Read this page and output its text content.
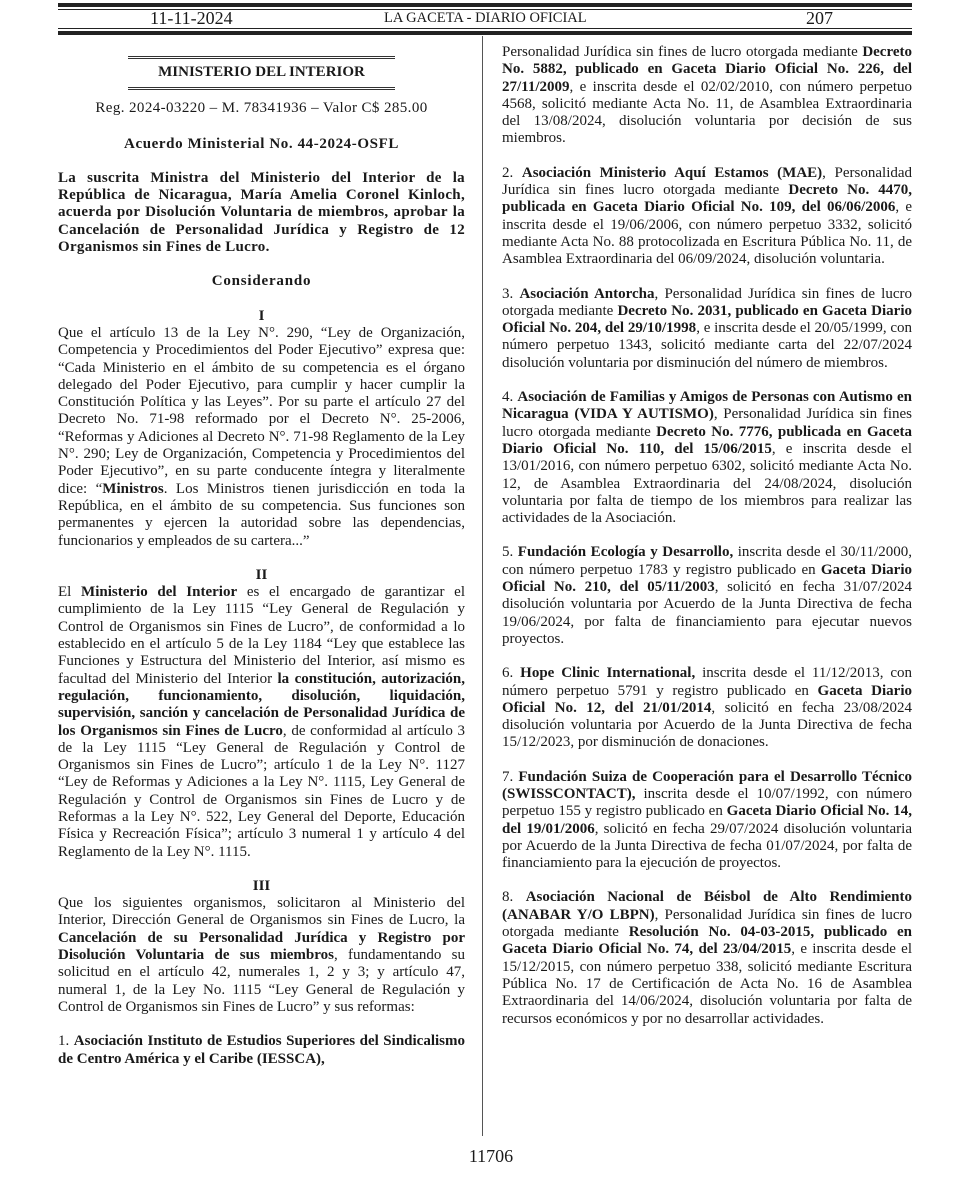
11-11-2024	LA GACETA - DIARIO OFICIAL	207
MINISTERIO DEL INTERIOR
Reg. 2024-03220 – M. 78341936 – Valor C$ 285.00
Acuerdo Ministerial No. 44-2024-OSFL

La suscrita Ministra del Ministerio del Interior de la República de Nicaragua, María Amelia Coronel Kinloch, acuerda por Disolución Voluntaria de miembros, aprobar la Cancelación de Personalidad Jurídica y Registro de 12 Organismos sin Fines de Lucro.

Considerando
I

Que el artículo 13 de la Ley N°. 290, “Ley de Organización, Competencia y Procedimientos del Poder Ejecutivo” expresa que: “Cada Ministerio en el ámbito de su competencia es el órgano delegado del Poder Ejecutivo, para cumplir y hacer cumplir la Constitución Política y las Leyes”. Por su parte el artículo 27 del Decreto No. 71-98 reformado por el Decreto N°. 25-2006, “Reformas y Adiciones al Decreto N°. 71-98 Reglamento de la Ley N°. 290; Ley de Organización, Competencia y Procedimientos del Poder Ejecutivo”, en su parte conducente íntegra y literalmente dice: “Ministros. Los Ministros tienen jurisdicción en toda la República, en el ámbito de su competencia. Sus funciones son permanentes y ejercen la autoridad sobre las dependencias, funcionarios y empleados de su cartera...”

II

El Ministerio del Interior es el encargado de garantizar el cumplimiento de la Ley 1115 “Ley General de Regulación y Control de Organismos sin Fines de Lucro”, de conformidad a lo establecido en el artículo 5 de la Ley 1184 “Ley que establece las Funciones y Estructura del Ministerio del Interior, así mismo es facultad del Ministerio del Interior la constitución, autorización, regulación, funcionamiento, disolución, liquidación, supervisión, sanción y cancelación de Personalidad Jurídica de los Organismos sin Fines de Lucro, de conformidad al artículo 3 de la Ley 1115 “Ley General de Regulación y Control de Organismos sin Fines de Lucro”; artículo 1 de la Ley N°. 1127 “Ley de Reformas y Adiciones a la Ley N°. 1115, Ley General de Regulación y Control de Organismos sin Fines de Lucro y de Reformas a la Ley N°. 522, Ley General del Deporte, Educación Física y Recreación Física”; artículo 3 numeral 1 y artículo 4 del Reglamento de la Ley N°. 1115.

III

Que los siguientes organismos, solicitaron al Ministerio del Interior, Dirección General de Organismos sin Fines de Lucro, la Cancelación de su Personalidad Jurídica y Registro por Disolución Voluntaria de sus miembros, fundamentando su solicitud en el artículo 42, numerales 1, 2 y 3; y artículo 47, numeral 1, de la Ley No. 1115 “Ley General de Regulación y Control de Organismos sin Fines de Lucro” y sus reformas:

1. Asociación Instituto de Estudios Superiores del Sindicalismo de Centro América y el Caribe (IESSCA),

Personalidad Jurídica sin fines de lucro otorgada mediante Decreto No. 5882, publicado en Gaceta Diario Oficial No. 226, del 27/11/2009, e inscrita desde el 02/02/2010, con número perpetuo 4568, solicitó mediante Acta No. 11, de Asamblea Extraordinaria del 13/08/2024, disolución voluntaria por decisión de sus miembros.

2. Asociación Ministerio Aquí Estamos (MAE), Personalidad Jurídica sin fines lucro otorgada mediante Decreto No. 4470, publicada en Gaceta Diario Oficial No. 109, del 06/06/2006, e inscrita desde el 19/06/2006, con número perpetuo 3332, solicitó mediante Acta No. 88 protocolizada en Escritura Pública No. 11, de Asamblea Extraordinaria del 06/09/2024, disolución voluntaria.

3. Asociación Antorcha, Personalidad Jurídica sin fines de lucro otorgada mediante Decreto No. 2031, publicado en Gaceta Diario Oficial No. 204, del 29/10/1998, e inscrita desde el 20/05/1999, con número perpetuo 1343, solicitó mediante carta del 22/07/2024 disolución voluntaria por disminución del número de miembros.

4. Asociación de Familias y Amigos de Personas con Autismo en Nicaragua (VIDA Y AUTISMO), Personalidad Jurídica sin fines lucro otorgada mediante Decreto No. 7776, publicada en Gaceta Diario Oficial No. 110, del 15/06/2015, e inscrita desde el 13/01/2016, con número perpetuo 6302, solicitó mediante Acta No. 12, de Asamblea Extraordinaria del 24/08/2024, disolución voluntaria por falta de tiempo de los miembros para realizar las actividades de la Asociación.

5. Fundación Ecología y Desarrollo, inscrita desde el 30/11/2000, con número perpetuo 1783 y registro publicado en Gaceta Diario Oficial No. 210, del 05/11/2003, solicitó en fecha 31/07/2024 disolución voluntaria por Acuerdo de la Junta Directiva de fecha 19/06/2024, por falta de financiamiento para ejecutar nuevos proyectos.

6. Hope Clinic International, inscrita desde el 11/12/2013, con número perpetuo 5791 y registro publicado en Gaceta Diario Oficial No. 12, del 21/01/2014, solicitó en fecha 23/08/2024 disolución voluntaria por Acuerdo de la Junta Directiva de fecha 15/12/2023, por disminución de donaciones.

7. Fundación Suiza de Cooperación para el Desarrollo Técnico (SWISSCONTACT), inscrita desde el 10/07/1992, con número perpetuo 155 y registro publicado en Gaceta Diario Oficial No. 14, del 19/01/2006, solicitó en fecha 29/07/2024 disolución voluntaria por Acuerdo de la Junta Directiva de fecha 01/07/2024, por falta de financiamiento para la ejecución de proyectos.

8. Asociación Nacional de Béisbol de Alto Rendimiento (ANABAR Y/O LBPN), Personalidad Jurídica sin fines de lucro otorgada mediante Resolución No. 04-03-2015, publicado en Gaceta Diario Oficial No. 74, del 23/04/2015, e inscrita desde el 15/12/2015, con número perpetuo 338, solicitó mediante Escritura Pública No. 17 de Certificación de Acta No. 16 de Asamblea Extraordinaria del 14/06/2024, disolución voluntaria por falta de recursos económicos y por no desarrollar actividades.

11706
